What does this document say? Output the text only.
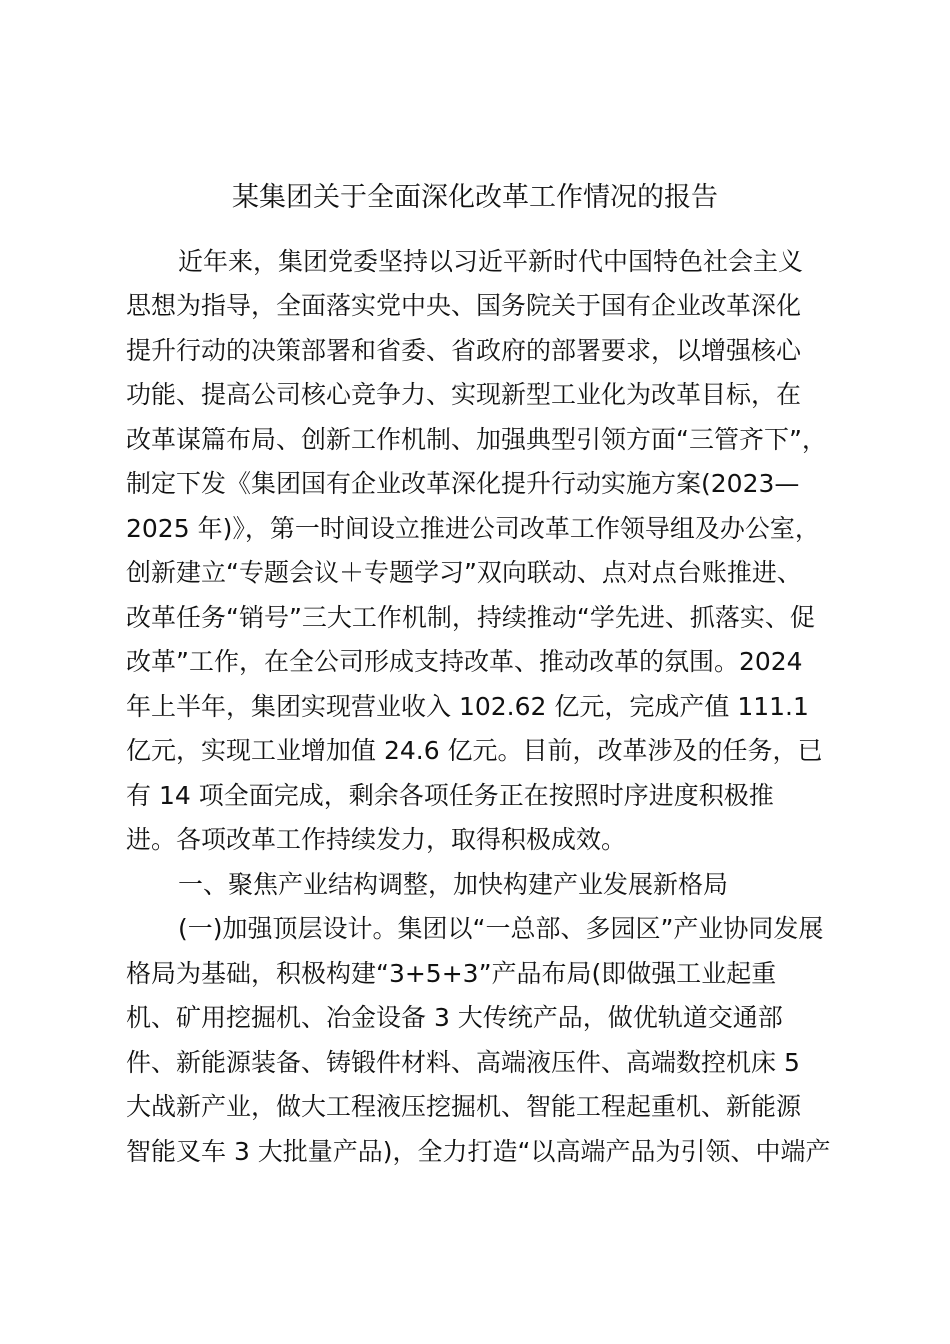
某集团关于全面深化改革工作情况的报告

近年来，集团党委坚持以习近平新时代中国特色社会主义

思想为指导，全面落实党中央、国务院关于国有企业改革深化

提升行动的决策部署和省委、省政府的部署要求，以增强核心

功能、提高公司核心竞争力、实现新型工业化为改革目标，在

改革谋篇布局、创新工作机制、加强典型引领方面“三管齐下”，

制定下发《集团国有企业改革深化提升行动实施方案(2023—

2025 年)》，第一时间设立推进公司改革工作领导组及办公室，

创新建立“专题会议＋专题学习”双向联动、点对点台账推进、

改革任务“销号”三大工作机制，持续推动“学先进、抓落实、促

改革”工作，在全公司形成支持改革、推动改革的氛围。2024

年上半年，集团实现营业收入 102.62 亿元，完成产值 111.1

亿元，实现工业增加值 24.6 亿元。目前，改革涉及的任务，已

有 14 项全面完成，剩余各项任务正在按照时序进度积极推

进。各项改革工作持续发力，取得积极成效。

一、聚焦产业结构调整，加快构建产业发展新格局

(一)加强顶层设计。集团以“一总部、多园区”产业协同发展

格局为基础，积极构建“3+5+3”产品布局(即做强工业起重

机、矿用挖掘机、冶金设备 3 大传统产品，做优轨道交通部

件、新能源装备、铸锻件材料、高端液压件、高端数控机床 5

大战新产业，做大工程液压挖掘机、智能工程起重机、新能源

智能叉车 3 大批量产品)，全力打造“以高端产品为引领、中端产
